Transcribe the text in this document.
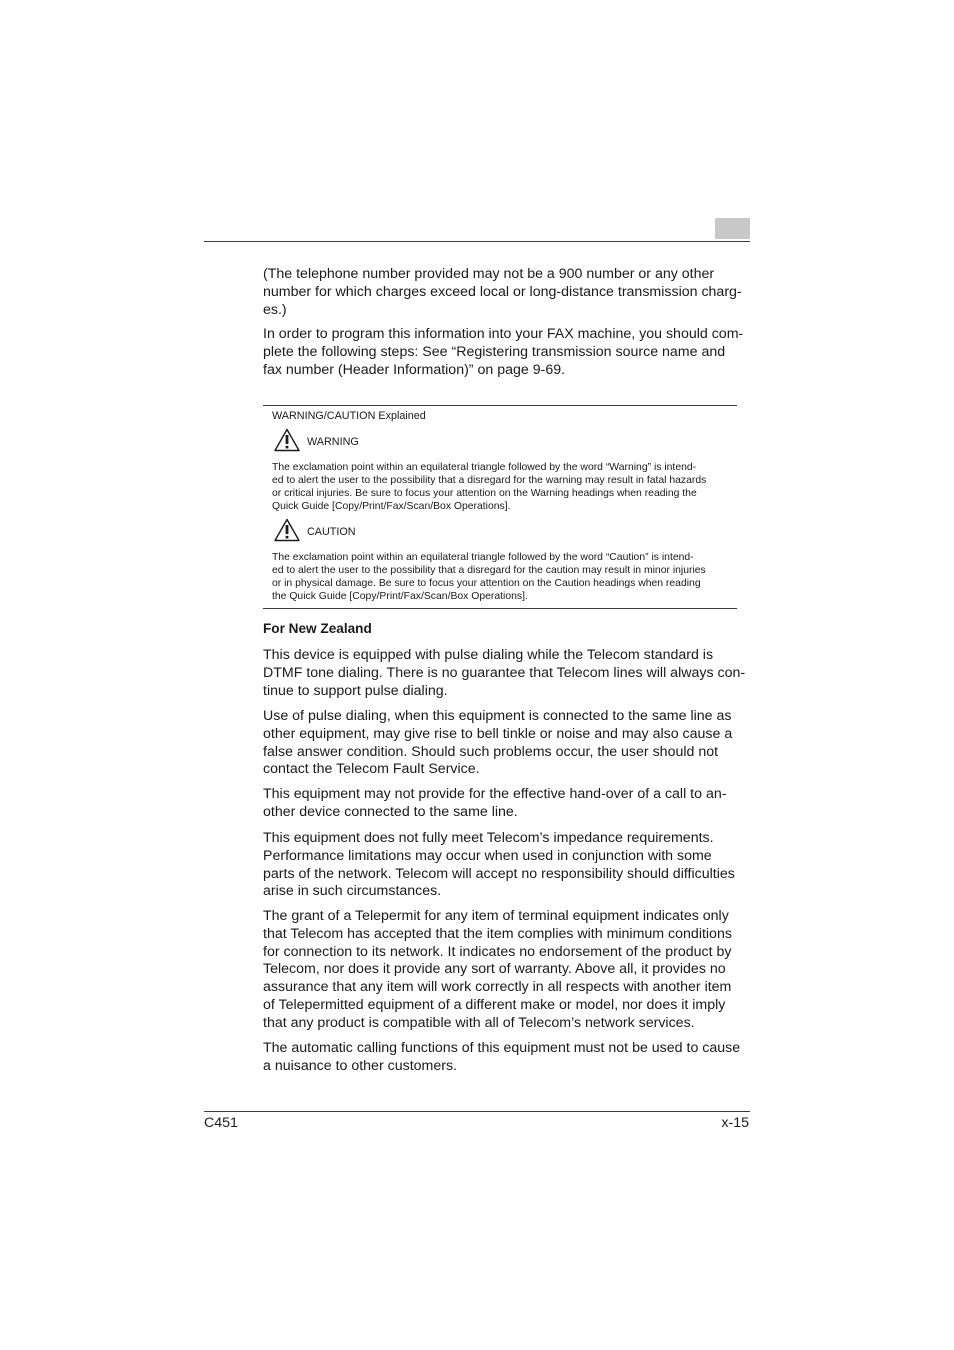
(The telephone number provided may not be a 900 number or any other
number for which charges exceed local or long-distance transmission charg-
es.)

In order to program this information into your FAX machine, you should com-
plete the following steps: See “Registering transmission source name and
fax number (Header Information)” on page 9-69.

WARNING/CAUTION Explained
WARNING

The exclamation point within an equilateral triangle followed by the word “Warning” is intend-
ed to alert the user to the possibility that a disregard for the warning may result in fatal hazards
or critical injuries. Be sure to focus your attention on the Warning headings when reading the
Quick Guide [Copy/Print/Fax/Scan/Box Operations].

CAUTION

The exclamation point within an equilateral triangle followed by the word “Caution” is intend-
ed to alert the user to the possibility that a disregard for the caution may result in minor injuries
or in physical damage. Be sure to focus your attention on the Caution headings when reading
the Quick Guide [Copy/Print/Fax/Scan/Box Operations].

For New Zealand

This device is equipped with pulse dialing while the Telecom standard is
DTMF tone dialing. There is no guarantee that Telecom lines will always con-
tinue to support pulse dialing.

Use of pulse dialing, when this equipment is connected to the same line as
other equipment, may give rise to bell tinkle or noise and may also cause a
false answer condition. Should such problems occur, the user should not
contact the Telecom Fault Service.

This equipment may not provide for the effective hand-over of a call to an-
other device connected to the same line.

This equipment does not fully meet Telecom’s impedance requirements.
Performance limitations may occur when used in conjunction with some
parts of the network. Telecom will accept no responsibility should difficulties
arise in such circumstances.

The grant of a Telepermit for any item of terminal equipment indicates only
that Telecom has accepted that the item complies with minimum conditions
for connection to its network. It indicates no endorsement of the product by
Telecom, nor does it provide any sort of warranty. Above all, it provides no
assurance that any item will work correctly in all respects with another item
of Telepermitted equipment of a different make or model, nor does it imply
that any product is compatible with all of Telecom’s network services.

The automatic calling functions of this equipment must not be used to cause
a nuisance to other customers.

C451	x-15
